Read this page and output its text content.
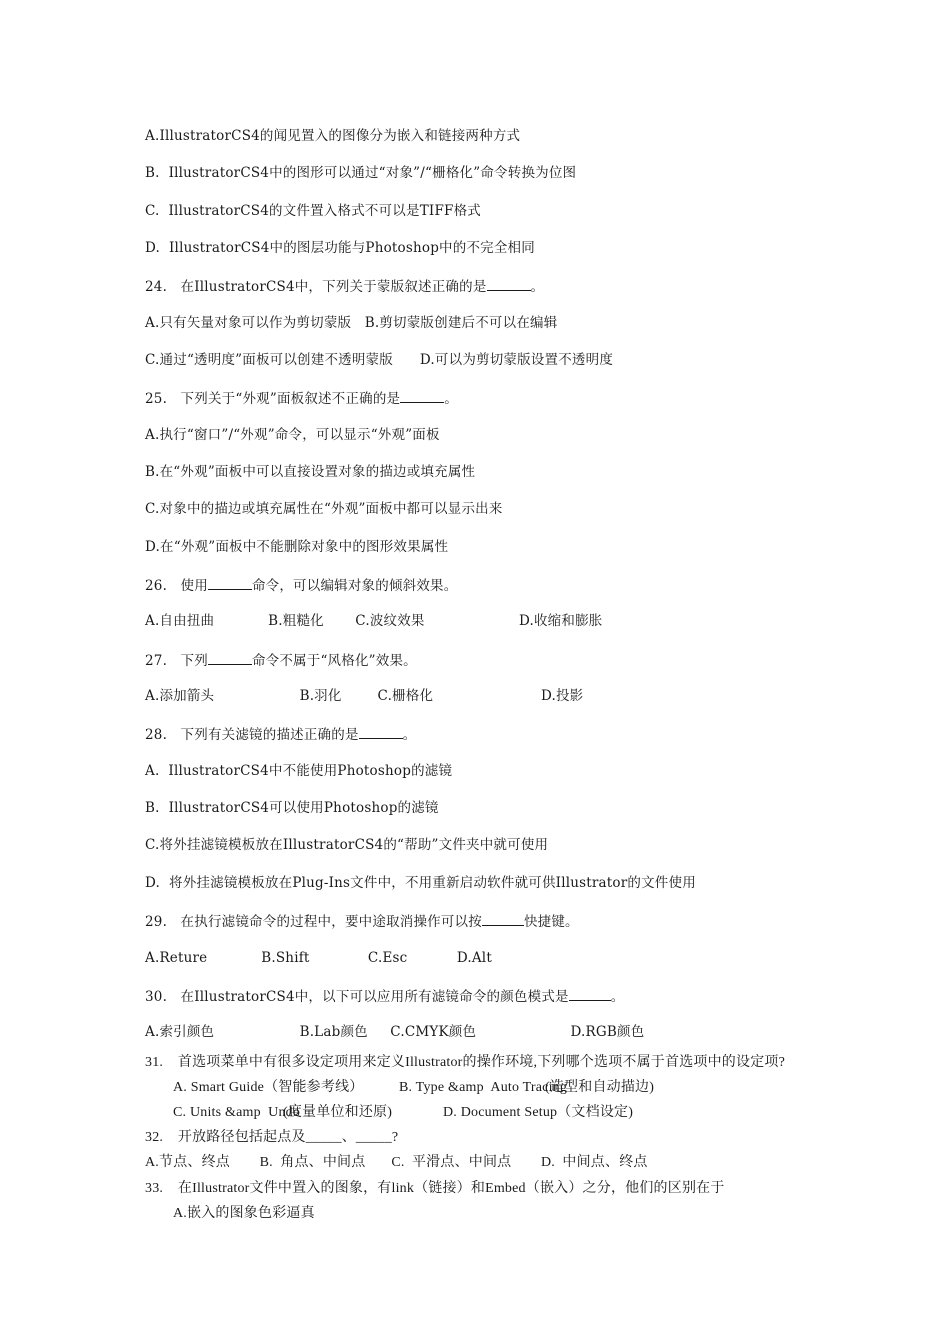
A.IllustratorCS4的闻见置入的图像分为嵌入和链接两种方式
B.  IllustratorCS4中的图形可以通过“对象”/“栅格化”命令转换为位图
C.  IllustratorCS4的文件置入格式不可以是TIFF格式
D.  IllustratorCS4中的图层功能与Photoshop中的不完全相同
24.   在IllustratorCS4中，下列关于蒙版叙述正确的是	。
A.只有矢量对象可以作为剪切蒙版   B.剪切蒙版创建后不可以在编辑
C.通过“透明度”面板可以创建不透明蒙版      D.可以为剪切蒙版设置不透明度
25.   下列关于“外观”面板叙述不正确的是	。
A.执行“窗口”/“外观”命令，可以显示“外观”面板
B.在“外观”面板中可以直接设置对象的描边或填充属性
C.对象中的描边或填充属性在“外观”面板中都可以显示出来
D.在“外观”面板中不能删除对象中的图形效果属性
26.   使用	命令，可以编辑对象的倾斜效果。
A.自由扭曲            B.粗糙化       C.波纹效果                     D.收缩和膨胀
27.   下列	命令不属于“风格化”效果。
A.添加箭头                   B.羽化        C.栅格化                        D.投影
28.   下列有关滤镜的描述正确的是	。
A.  IllustratorCS4中不能使用Photoshop的滤镜
B.  IllustratorCS4可以使用Photoshop的滤镜
C.将外挂滤镜模板放在IllustratorCS4的“帮助”文件夹中就可使用
D.  将外挂滤镜模板放在Plug-Ins文件中，不用重新启动软件就可供Illustrator的文件使用
29.   在执行滤镜命令的过程中，要中途取消操作可以按	快捷键。
A.Reture            B.Shift             C.Esc           D.Alt
30.   在IllustratorCS4中，以下可以应用所有滤镜命令的颜色模式是	。
A.索引颜色                   B.Lab颜色     C.CMYK颜色                     D.RGB颜色
31.    首选项菜单中有很多设定项用来定义Illustrator的操作环境,下列哪个选项不属于首选项中的设定项?
A. Smart Guide（智能参考线）	B. Type &amp  Auto Tracing
(造型和自动描边)
C. Units &amp  Undo
(度量单位和还原)	D. Document Setup（文档设定)
32.    开放路径包括起点及_____、_____?
A.节点、终点        B.  角点、中间点       C.  平滑点、中间点        D.  中间点、终点
33.    在Illustrator文件中置入的图象，有link（链接）和Embed（嵌入）之分，他们的区别在于
A.嵌入的图象色彩逼真
